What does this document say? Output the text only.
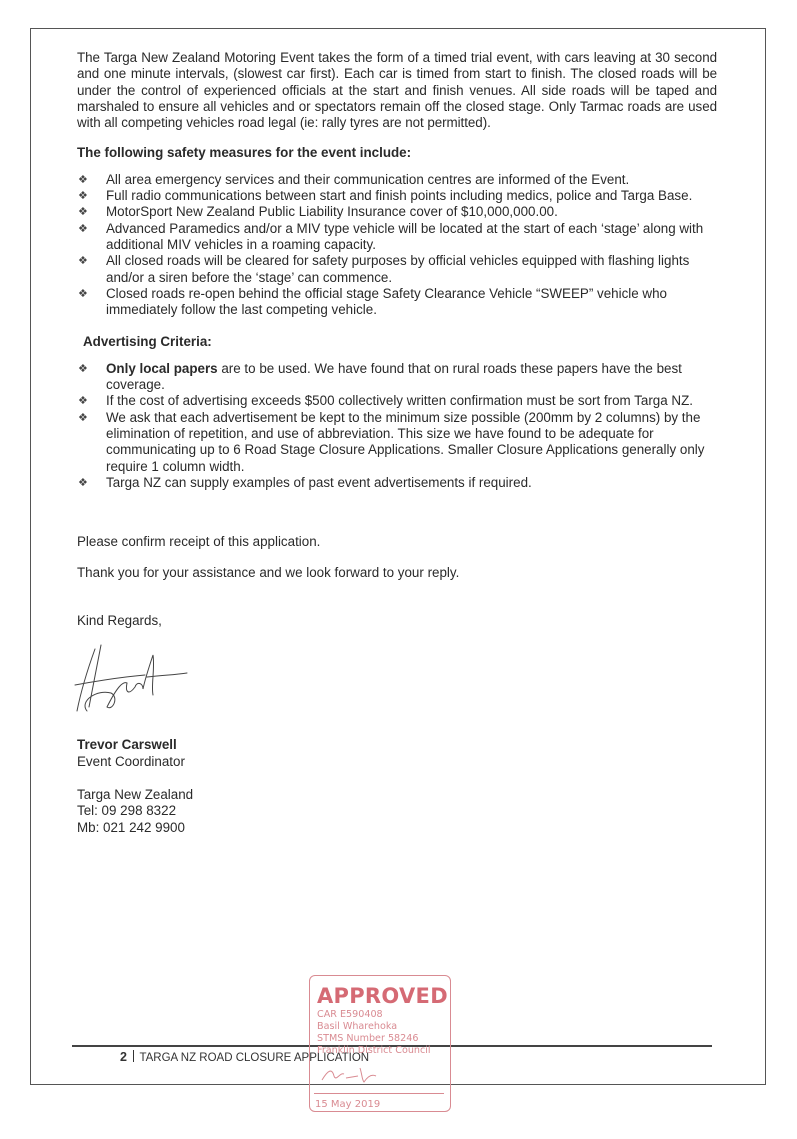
The Targa New Zealand Motoring Event takes the form of a timed trial event, with cars leaving at 30 second and one minute intervals, (slowest car first). Each car is timed from start to finish. The closed roads will be under the control of experienced officials at the start and finish venues. All side roads will be taped and marshaled to ensure all vehicles and or spectators remain off the closed stage. Only Tarmac roads are used with all competing vehicles road legal (ie: rally tyres are not permitted).

The following safety measures for the event include:

❖ All area emergency services and their communication centres are informed of the Event.
❖ Full radio communications between start and finish points including medics, police and Targa Base.
❖ MotorSport New Zealand Public Liability Insurance cover of $10,000,000.00.
❖ Advanced Paramedics and/or a MIV type vehicle will be located at the start of each ‘stage’ along with additional MIV vehicles in a roaming capacity.
❖ All closed roads will be cleared for safety purposes by official vehicles equipped with flashing lights and/or a siren before the ‘stage’ can commence.
❖ Closed roads re-open behind the official stage Safety Clearance Vehicle “SWEEP” vehicle who immediately follow the last competing vehicle.

Advertising Criteria:

❖ Only local papers are to be used. We have found that on rural roads these papers have the best coverage.
❖ If the cost of advertising exceeds $500 collectively written confirmation must be sort from Targa NZ.
❖ We ask that each advertisement be kept to the minimum size possible (200mm by 2 columns) by the elimination of repetition, and use of abbreviation. This size we have found to be adequate for communicating up to 6 Road Stage Closure Applications. Smaller Closure Applications generally only require 1 column width.
❖ Targa NZ can supply examples of past event advertisements if required.

Please confirm receipt of this application.

Thank you for your assistance and we look forward to your reply.

Kind Regards,

Trevor Carswell

Event Coordinator

Targa New Zealand

Tel: 09 298 8322

Mb: 021 242 9900

2 TARGA NZ ROAD CLOSURE APPLICATION
APPROVED
CAR E590408
Basil Wharehoka
STMS Number 58246
Franklin District Council
15 May 2019
